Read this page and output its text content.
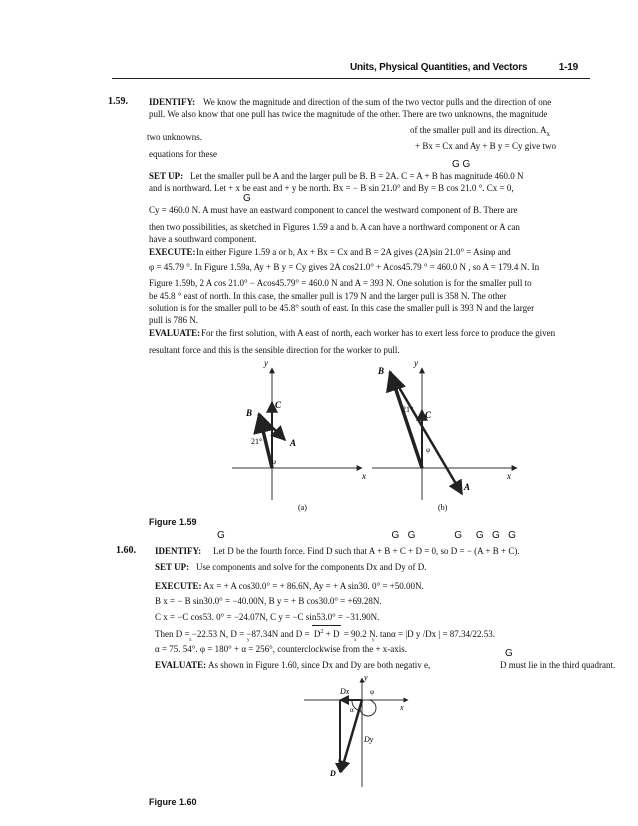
Units, Physical Quantities, and Vectors	1-19
1.59. IDENTIFY: We know the magnitude and direction of the sum of the two vector pulls and the direction of one
pull. We also know that one pull has twice the magnitude of the other. There are two unknowns, the magnitude
of the smaller pull and its direction. $A_x$
+ Bx = Cx and Ay + B y = Cy give two
two unknowns.
equations for these
G G
SET UP: Let the smaller pull be A and the larger pull be B. B = 2A. C = A + B has magnitude 460.0 N
and is northward. Let + x be east and + y be north. Bx = − B sin 21.0° and By = B cos 21.0 °. Cx = 0,
G
Cy = 460.0 N. A must have an eastward component to cancel the westward component of B. There are
then two possibilities, as sketched in Figures 1.59 a and b. A can have a northward component or A can
have a southward component.
EXECUTE: In either Figure 1.59 a or b, Ax + Bx = Cx and B = 2A gives (2A)sin 21.0° = Asinφ and
φ = 45.79 °. In Figure 1.59a, Ay + B y = Cy gives 2A cos21.0° + Acos45.79 ° = 460.0 N , so A = 179.4 N. In
Figure 1.59b, 2 A cos 21.0° − Acos45.79° = 460.0 N and A = 393 N. One solution is for the smaller pull to
be 45.8 ° east of north. In this case, the smaller pull is 179 N and the larger pull is 358 N. The other
solution is for the smaller pull to be 45.8° south of east. In this case the smaller pull is 393 N and the larger
pull is 786 N.
EVALUATE: For the first solution, with A east of north, each worker has to exert less force to produce the given
resultant force and this is the sensible direction for the worker to pull.
y
x
B
C
A
21°
φ
(a)
y
x
B
C
A
21°
φ
(b)
Figure 1.59
G                                                            G   G              G     G   G   G
1.60. IDENTIFY: Let D be the fourth force. Find D such that A + B + C + D = 0, so D = − (A + B + C).
SET UP: Use components and solve for the components Dx and Dy of D.
EXECUTE: Ax = + A cos30.0° = + 86.6N, Ay = + A sin30. 0° = +50.00N.
B x = − B sin30.0° = −40.00N, B y = + B cos30.0° = +69.28N.
C x = −C cos53. 0° = −24.07N, C y = −C sin53.0° = −31.90N.
Then D = −22.53 N, D = −87.34N and $D = D^2 + D = 90.2$ N. tanα = |D y /Dx | = 87.34/22.53.
x	y	x	y
α = 75. 54°. φ = 180° + α = 256°, counterclockwise from the + x-axis.	G
EVALUATE: As shown in Figure 1.60, since Dx and Dy are both negativ e,	D must lie in the third quadrant.
y
x
Dx
Dy
D
α
φ
Figure 1.60
